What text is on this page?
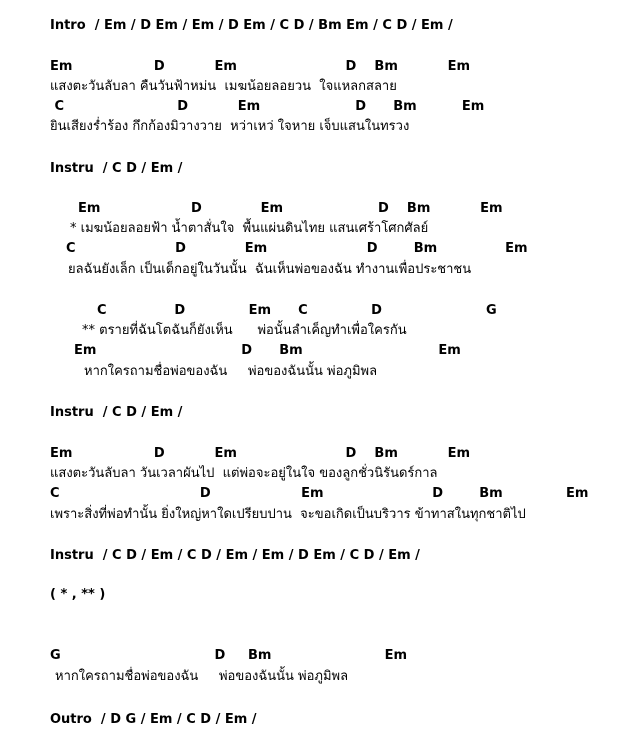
Intro  / Em / D Em / Em / D Em / C D / Bm Em / C D / Em /
Em                  D           Em                        D    Bm           Em
แสงตะวันลับลา คืนวันฟ้าหม่น  เมฆน้อยลอยวน  ใจแหลกสลาย
C                         D           Em                     D      Bm          Em
ยินเสียงร่ำร้อง กึกก้องมิวางวาย  หว่าเหว่ ใจหาย เจ็บแสนในทรวง
Instru  / C D / Em /
Em                    D             Em                     D    Bm           Em
* เมฆน้อยลอยฟ้า น้ำตาสั่นใจ  พื้นแผ่นดินไทย แสนเศร้าโศกศัลย์
C                      D             Em                      D        Bm               Em
ยลฉันยังเล็ก เป็นเด็กอยู่ในวันนั้น  ฉันเห็นพ่อของฉัน ทำงานเพื่อประชาชน
C               D              Em      C              D                       G
** ตรายที่ฉันโตฉันก็ยังเห็น      พ่อนั้นลำเค็ญทำเพื่อใครกัน
Em                                D      Bm                              Em
หากใครถามชื่อพ่อของฉัน     พ่อของฉันนั้น พ่อภูมิพล
Instru  / C D / Em /
Em                  D           Em                        D    Bm           Em
แสงตะวันลับลา วันเวลาผันไป  แต่พ่อจะอยู่ในใจ ของลูกชั่วนิรันดร์กาล
C                               D                    Em                        D        Bm              Em
เพราะสิ่งที่พ่อทำนั้น ยิ่งใหญ่หาใดเปรียบปาน  จะขอเกิดเป็นบริวาร ข้าทาสในทุกชาติไป
Instru  / C D / Em / C D / Em / Em / D Em / C D / Em /
( * , ** )
G                                  D     Bm                         Em
หากใครถามชื่อพ่อของฉัน     พ่อของฉันนั้น พ่อภูมิพล
Outro  / D G / Em / C D / Em /
